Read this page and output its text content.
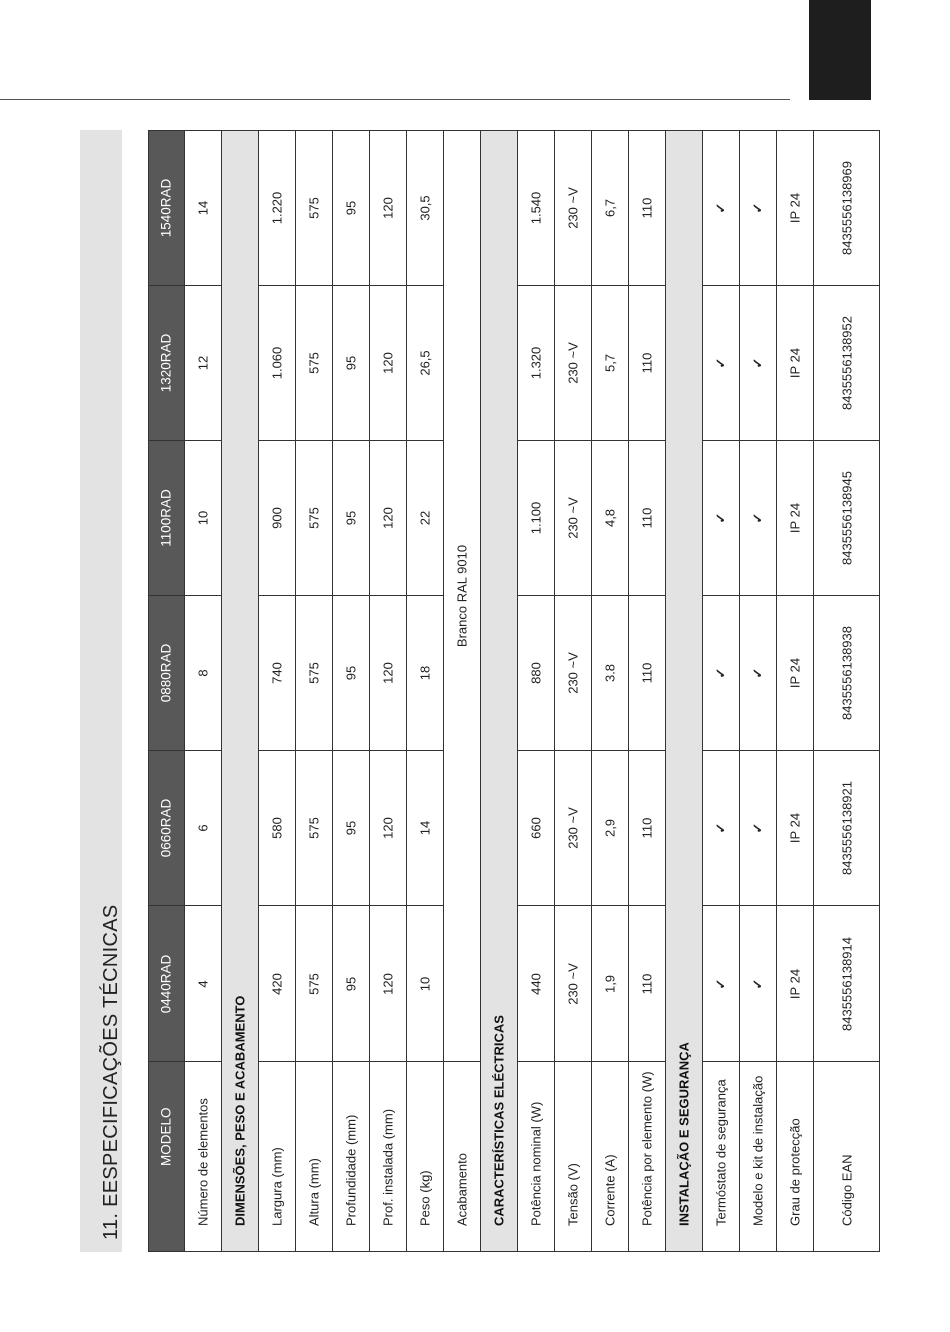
11. EESPECIFICAÇÕES TÉCNICAS	MODELO
0440RAD
0660RAD
0880RAD
1100RAD
1320RAD
1540RAD
Número de elementos
4
6
8
10
12
14
DIMENSÕES, PESO E ACABAMENTO Largura (mm)
420
580
740
900
1.060
1.220
Altura (mm)
575
575
575
575
575
575
Profundidade (mm)
95
95
95
95
95
95
Prof. instalada (mm)
120
120
120
120
120
120
Peso (kg)
10
14
18
22
26,5
30,5
Acabamento
Branco RAL 9010
CARACTERÍSTICAS ELÉCTRICAS Potência nominal (W)
440
660
880
1.100
1.320
1.540
Tensão (V)
230 ~V
230 ~V
230 ~V
230 ~V
230 ~V
230 ~V
Corrente (A)
1,9
2,9
3.8
4,8
5,7
6,7
Potência por elemento (W)
110
110
110
110
110
110
INSTALAÇÃO E SEGURANÇA Termóstato de segurança
✓
✓
✓
✓
✓
✓
Modelo e kit de instalação
✓
✓
✓
✓
✓
✓
Grau de protecção
IP 24
IP 24
IP 24
IP 24
IP 24
IP 24
Código EAN
8435556138914
8435556138921
8435556138938
8435556138945
8435556138952
8435556138969
